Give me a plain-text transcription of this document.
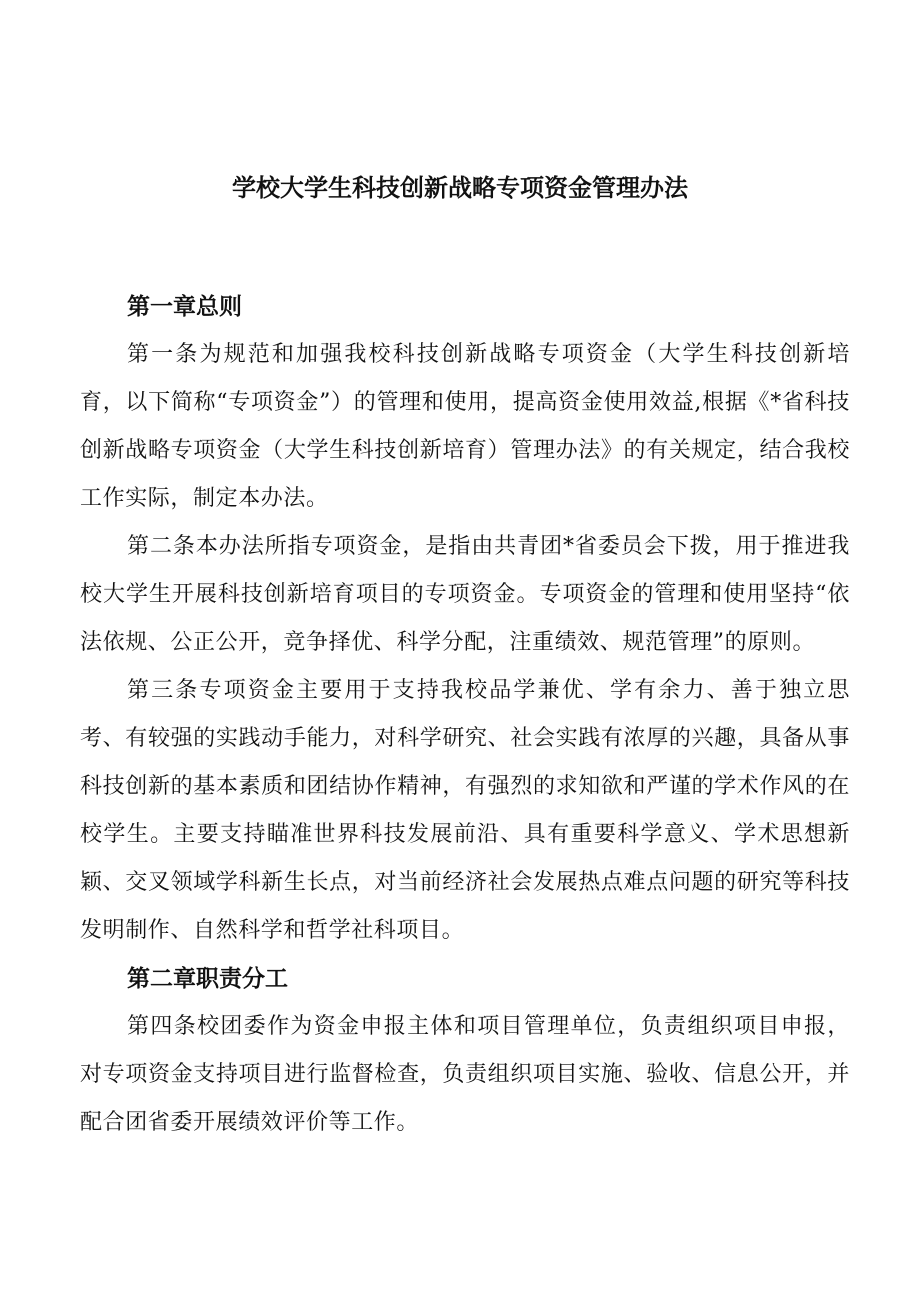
学校大学生科技创新战略专项资金管理办法
第一章总则

第一条为规范和加强我校科技创新战略专项资金（大学生科技创新培育，以下简称“专项资金”）的管理和使用，提高资金使用效益,根据《*省科技创新战略专项资金（大学生科技创新培育）管理办法》的有关规定，结合我校工作实际，制定本办法。

第二条本办法所指专项资金，是指由共青团*省委员会下拨，用于推进我校大学生开展科技创新培育项目的专项资金。专项资金的管理和使用坚持“依法依规、公正公开，竞争择优、科学分配，注重绩效、规范管理”的原则。

第三条专项资金主要用于支持我校品学兼优、学有余力、善于独立思考、有较强的实践动手能力，对科学研究、社会实践有浓厚的兴趣，具备从事科技创新的基本素质和团结协作精神，有强烈的求知欲和严谨的学术作风的在校学生。主要支持瞄准世界科技发展前沿、具有重要科学意义、学术思想新颖、交叉领域学科新生长点，对当前经济社会发展热点难点问题的研究等科技发明制作、自然科学和哲学社科项目。

第二章职责分工

第四条校团委作为资金申报主体和项目管理单位，负责组织项目申报，对专项资金支持项目进行监督检查，负责组织项目实施、验收、信息公开，并配合团省委开展绩效评价等工作。
